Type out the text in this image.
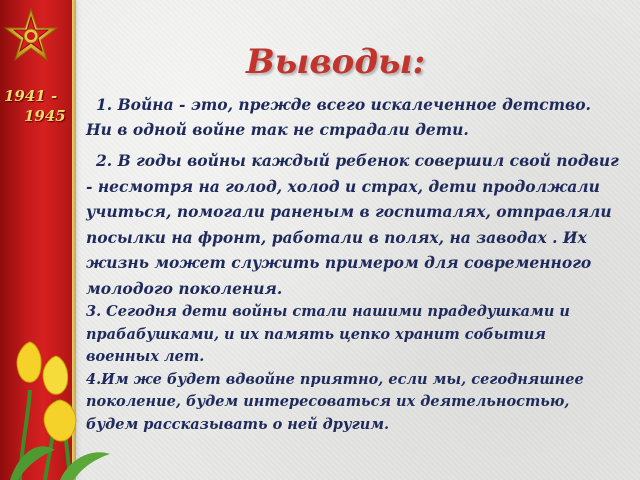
1941 -
1945
Выводы:

1. Война - это, прежде всего искалеченное детство. Ни в одной войне так не страдали дети.

2. В годы войны каждый ребенок совершил свой подвиг - несмотря на голод, холод и страх, дети продолжали учиться, помогали раненым в госпиталях, отправляли посылки на фронт, работали в полях, на заводах . Их жизнь может служить примером для современного молодого поколения.

3. Сегодня дети войны стали нашими прадедушками и прабабушками, и их память цепко хранит события военных лет.

4.Им же будет вдвойне приятно, если мы, сегодняшнее поколение, будем интересоваться их деятельностью, будем рассказывать о ней другим.
